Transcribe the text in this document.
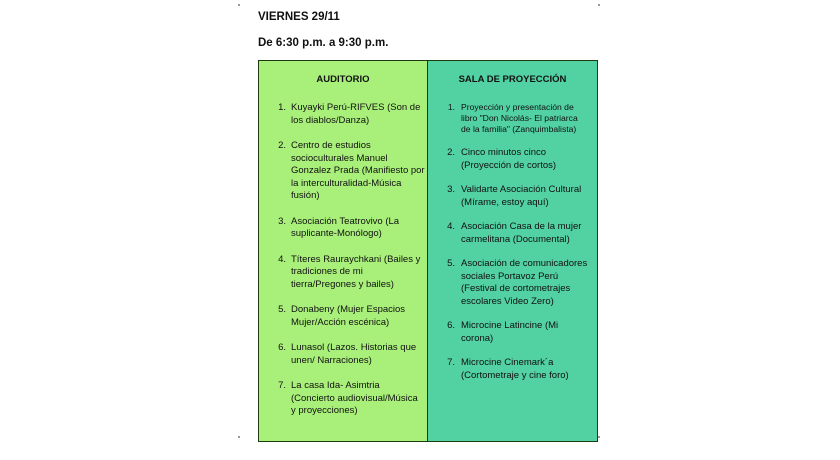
VIERNES 29/11
De 6:30 p.m. a 9:30 p.m.
AUDITORIO
1. Kuyayki Perú-RIFVES (Son de los diablos/Danza)
2. Centro de estudios socioculturales Manuel Gonzalez Prada (Manifiesto por la interculturalidad-Música fusión)
3. Asociación Teatrovivo (La suplicante-Monólogo)
4. Títeres Rauraychkani (Bailes y tradiciones de mi tierra/Pregones y bailes)
5. Donabeny (Mujer Espacios Mujer/Acción escénica)
6. Lunasol (Lazos. Historias que unen/ Narraciones)
7. La casa Ida- Asimtria (Concierto audiovisual/Música y proyecciones)
SALA DE PROYECCIÓN
1. Proyección y presentación de libro "Don Nicolás- El patriarca de la familia" (Zanquimbalista)
2. Cinco minutos cinco (Proyección de cortos)
3. Validarte Asociación Cultural (Mírame, estoy aquí)
4. Asociación Casa de la mujer carmelitana (Documental)
5. Asociación de comunicadores sociales Portavoz Perú (Festival de cortometrajes escolares Video Zero)
6. Microcine Latincine (Mi corona)
7. Microcine Cinemark´a (Cortometraje y cine foro)
